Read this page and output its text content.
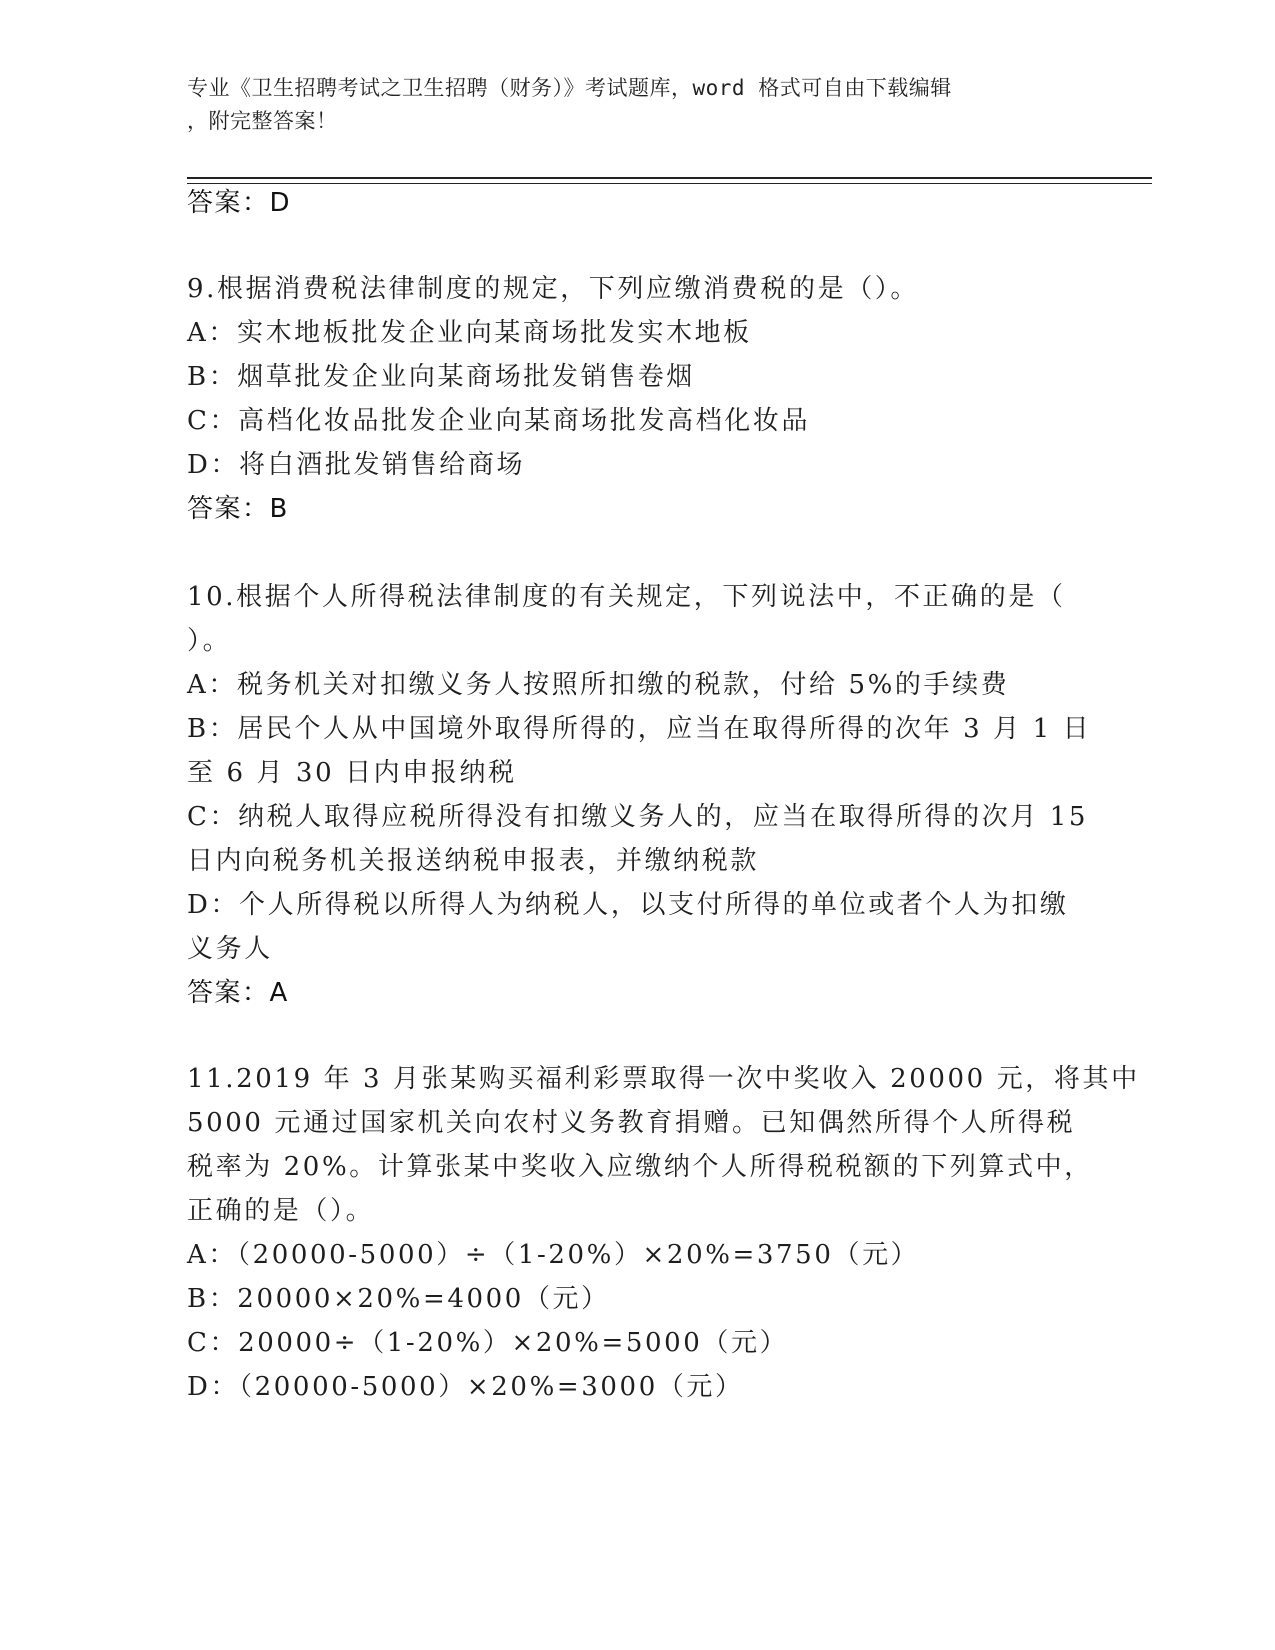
专业《卫生招聘考试之卫生招聘（财务）》考试题库，word 格式可自由下载编辑
，附完整答案！
答案：D
9.根据消费税法律制度的规定，下列应缴消费税的是（）。
A：实木地板批发企业向某商场批发实木地板
B：烟草批发企业向某商场批发销售卷烟
C：高档化妆品批发企业向某商场批发高档化妆品
D：将白酒批发销售给商场
答案：B
10.根据个人所得税法律制度的有关规定，下列说法中，不正确的是（
）。
A：税务机关对扣缴义务人按照所扣缴的税款，付给 5%的手续费
B：居民个人从中国境外取得所得的，应当在取得所得的次年 3 月 1 日
至 6 月 30 日内申报纳税
C：纳税人取得应税所得没有扣缴义务人的，应当在取得所得的次月 15
日内向税务机关报送纳税申报表，并缴纳税款
D：个人所得税以所得人为纳税人，以支付所得的单位或者个人为扣缴
义务人
答案：A
11.2019 年 3 月张某购买福利彩票取得一次中奖收入 20000 元，将其中
5000 元通过国家机关向农村义务教育捐赠。已知偶然所得个人所得税
税率为 20%。计算张某中奖收入应缴纳个人所得税税额的下列算式中，
正确的是（）。
A：（20000-5000）÷（1-20%）×20%=3750（元）
B：20000×20%=4000（元）
C：20000÷（1-20%）×20%=5000（元）
D：（20000-5000）×20%=3000（元）
